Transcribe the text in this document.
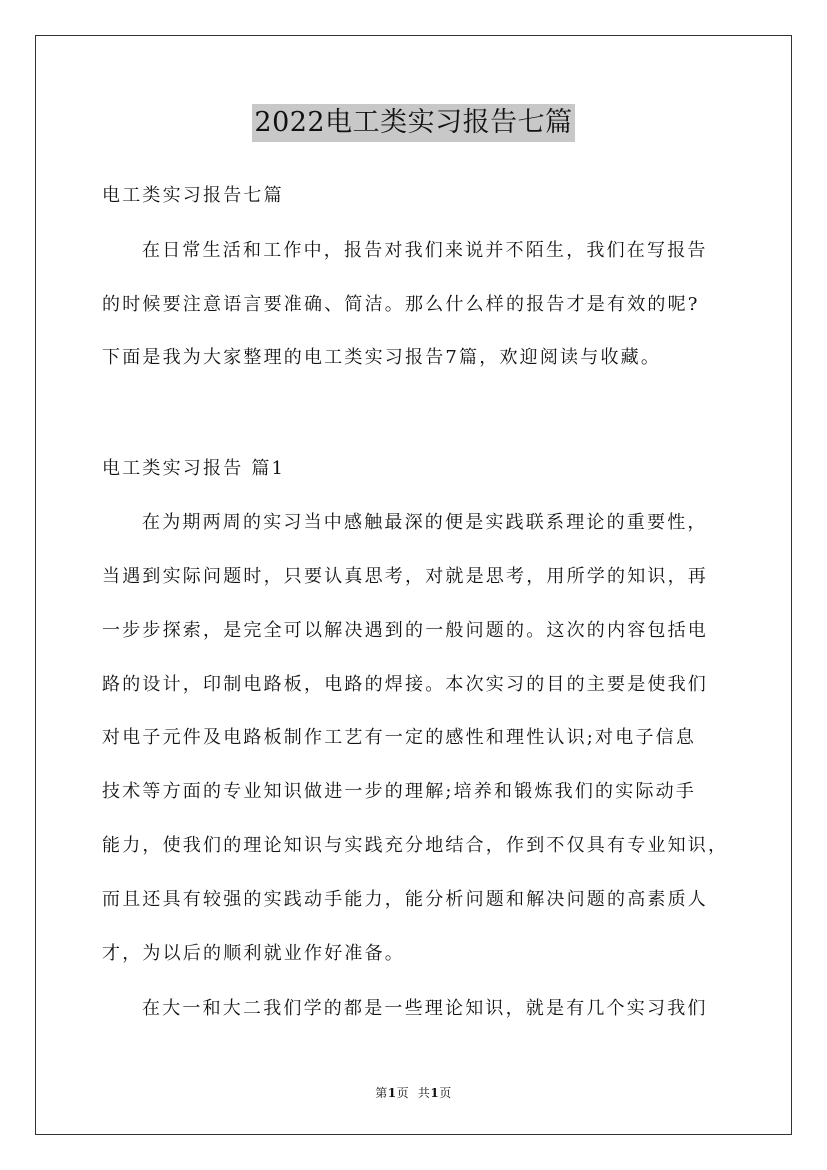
2022电工类实习报告七篇
电工类实习报告七篇
在日常生活和工作中，报告对我们来说并不陌生，我们在写报告
的时候要注意语言要准确、简洁。那么什么样的报告才是有效的呢?
下面是我为大家整理的电工类实习报告7篇，欢迎阅读与收藏。
电工类实习报告 篇1
在为期两周的实习当中感触最深的便是实践联系理论的重要性，
当遇到实际问题时，只要认真思考，对就是思考，用所学的知识，再
一步步探索，是完全可以解决遇到的一般问题的。这次的内容包括电
路的设计，印制电路板，电路的焊接。本次实习的目的主要是使我们
对电子元件及电路板制作工艺有一定的感性和理性认识;对电子信息
技术等方面的专业知识做进一步的理解;培养和锻炼我们的实际动手
能力，使我们的理论知识与实践充分地结合，作到不仅具有专业知识，
而且还具有较强的实践动手能力，能分析问题和解决问题的高素质人
才，为以后的顺利就业作好准备。
在大一和大二我们学的都是一些理论知识，就是有几个实习我们
第1页 共1页
